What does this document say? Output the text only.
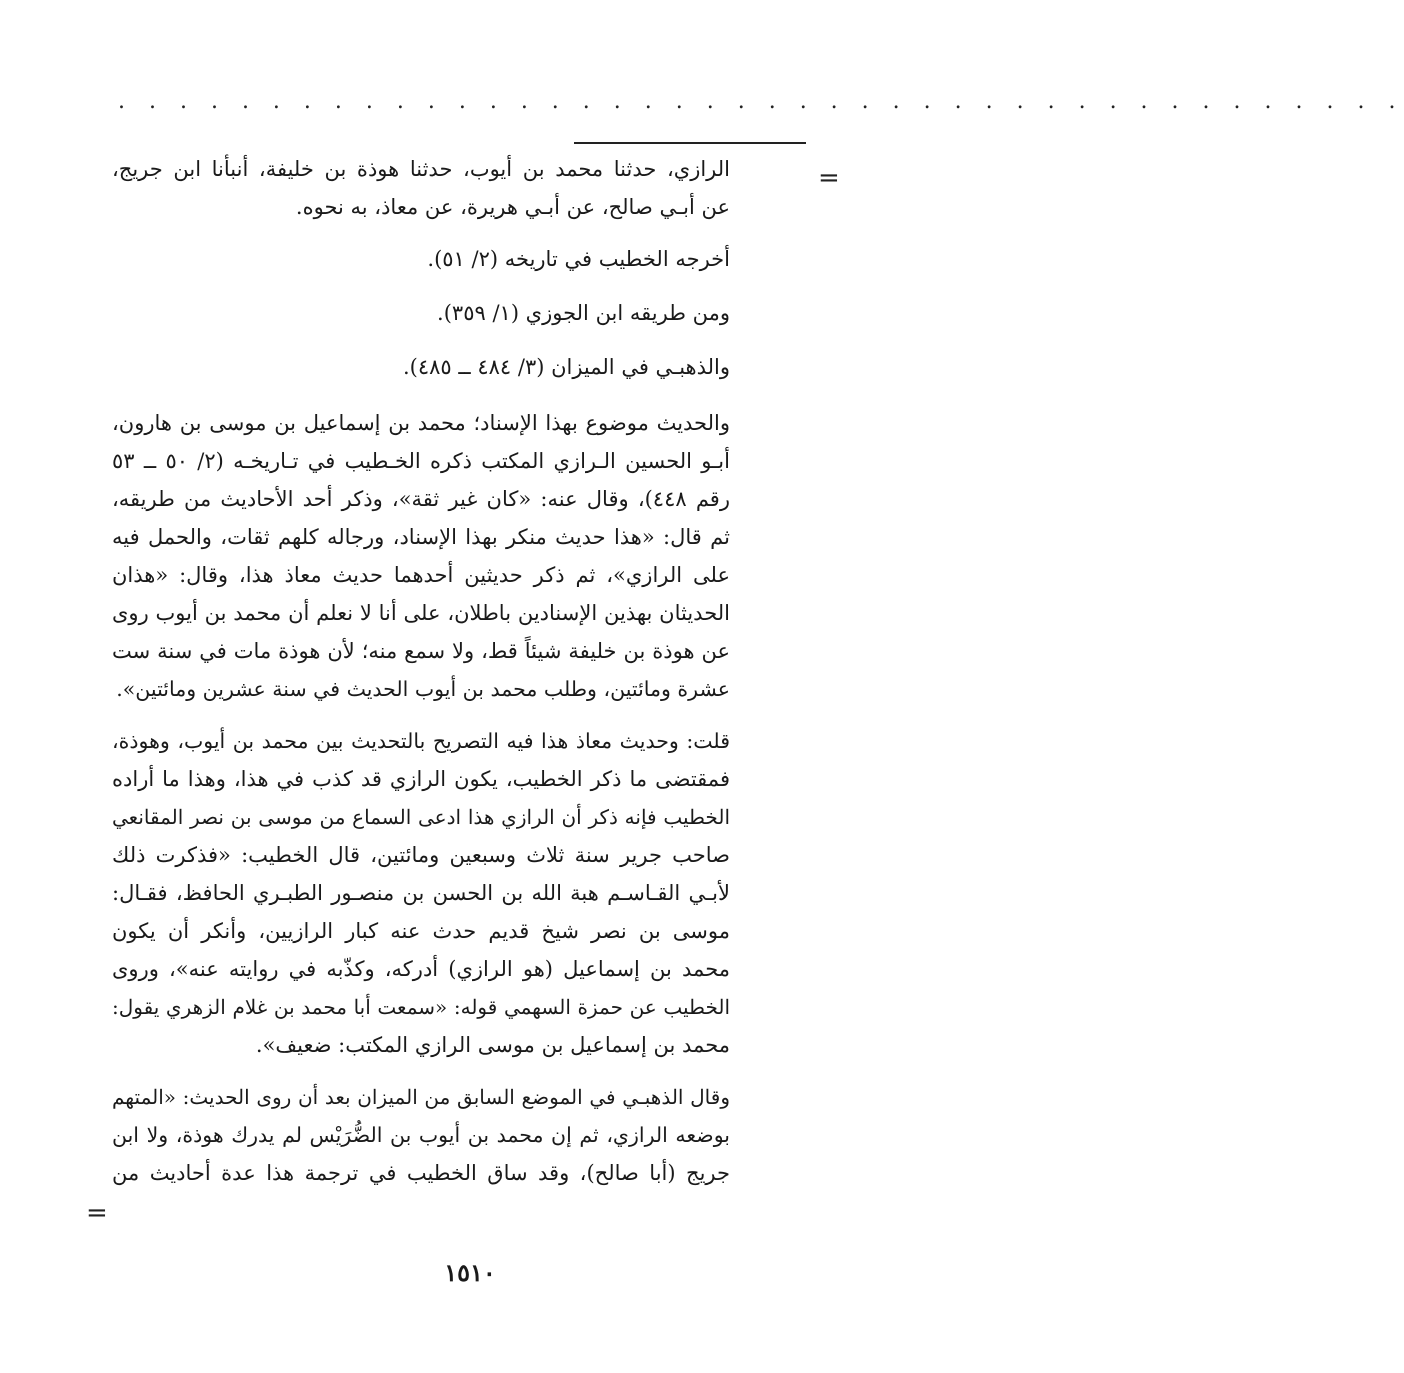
. . . . . . . . . . . . . . . . . . . . . . . . . . . . . . . . . . . . . . . . . .
=
=
الرازي، حدثنا محمد بن أيوب، حدثنا هوذة بن خليفة، أنبأنا ابن جريج،
عن أبـي صالح، عن أبـي هريرة، عن معاذ، به نحوه.
أخرجه الخطيب في تاريخه (٢/ ٥١).
ومن طريقه ابن الجوزي (١/ ٣٥٩).
والذهبـي في الميزان (٣/ ٤٨٤ ــ ٤٨٥).
والحديث موضوع بهذا الإسناد؛ محمد بن إسماعيل بن موسى بن هارون،
أبـو الحسين الـرازي المكتب ذكره الخـطيب في تـاريخـه (٢/ ٥٠ ــ ٥٣
رقم ٤٤٨)، وقال عنه: «كان غير ثقة»، وذكر أحد الأحاديث من طريقه،
ثم قال: «هذا حديث منكر بهذا الإسناد، ورجاله كلهم ثقات، والحمل فيه
على الرازي»، ثم ذكر حديثين أحدهما حديث معاذ هذا، وقال: «هذان
الحديثان بهذين الإسنادين باطلان، على أنا لا نعلم أن محمد بن أيوب روى
عن هوذة بن خليفة شيئاً قط، ولا سمع منه؛ لأن هوذة مات في سنة ست
عشرة ومائتين، وطلب محمد بن أيوب الحديث في سنة عشرين ومائتين».
قلت: وحديث معاذ هذا فيه التصريح بالتحديث بين محمد بن أيوب، وهوذة،
فمقتضى ما ذكر الخطيب، يكون الرازي قد كذب في هذا، وهذا ما أراده
الخطيب فإنه ذكر أن الرازي هذا ادعى السماع من موسى بن نصر المقانعي
صاحب جرير سنة ثلاث وسبعين ومائتين، قال الخطيب: «فذكرت ذلك
لأبـي القـاسـم هبة الله بن الحسن بن منصـور الطبـري الحافظ، فقـال:
موسى بن نصر شيخ قديم حدث عنه كبار الرازيين، وأنكر أن يكون
محمد بن إسماعيل (هو الرازي) أدركه، وكذّبه في روايته عنه»، وروى
الخطيب عن حمزة السهمي قوله: «سمعت أبا محمد بن غلام الزهري يقول:
محمد بن إسماعيل بن موسى الرازي المكتب: ضعيف».
وقال الذهبـي في الموضع السابق من الميزان بعد أن روى الحديث: «المتهم
بوضعه الرازي، ثم إن محمد بن أيوب بن الضُّرَيْس لم يدرك هوذة، ولا ابن
جريج (أبا صالح)، وقد ساق الخطيب في ترجمة هذا عدة أحاديث من
١٥١٠
